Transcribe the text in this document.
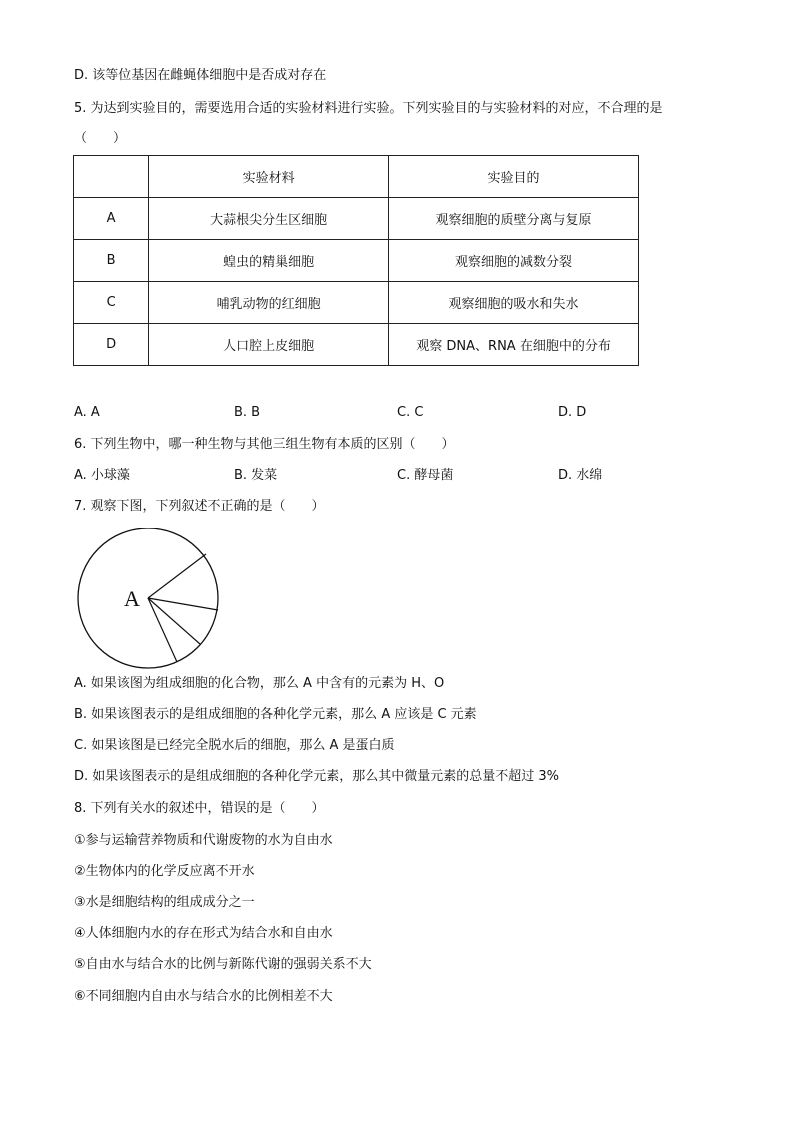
D. 该等位基因在雌蝇体细胞中是否成对存在
5. 为达到实验目的，需要选用合适的实验材料进行实验。下列实验目的与实验材料的对应，不合理的是
（　　）
	实验材料	实验目的
A	大蒜根尖分生区细胞	观察细胞的质壁分离与复原
B	蝗虫的精巢细胞	观察细胞的减数分裂
C	哺乳动物的红细胞	观察细胞的吸水和失水
D	人口腔上皮细胞	观察 DNA、RNA 在细胞中的分布
A. A	B. B	C. C	D. D
6. 下列生物中，哪一种生物与其他三组生物有本质的区别（　　）
A. 小球藻	B. 发菜	C. 酵母菌	D. 水绵
7. 观察下图，下列叙述不正确的是（　　）
A
A. 如果该图为组成细胞的化合物，那么 A 中含有的元素为 H、O
B. 如果该图表示的是组成细胞的各种化学元素，那么 A 应该是 C 元素
C. 如果该图是已经完全脱水后的细胞，那么 A 是蛋白质
D. 如果该图表示的是组成细胞的各种化学元素，那么其中微量元素的总量不超过 3%
8. 下列有关水的叙述中，错误的是（　　）
①参与运输营养物质和代谢废物的水为自由水
②生物体内的化学反应离不开水
③水是细胞结构的组成成分之一
④人体细胞内水的存在形式为结合水和自由水
⑤自由水与结合水的比例与新陈代谢的强弱关系不大
⑥不同细胞内自由水与结合水的比例相差不大
